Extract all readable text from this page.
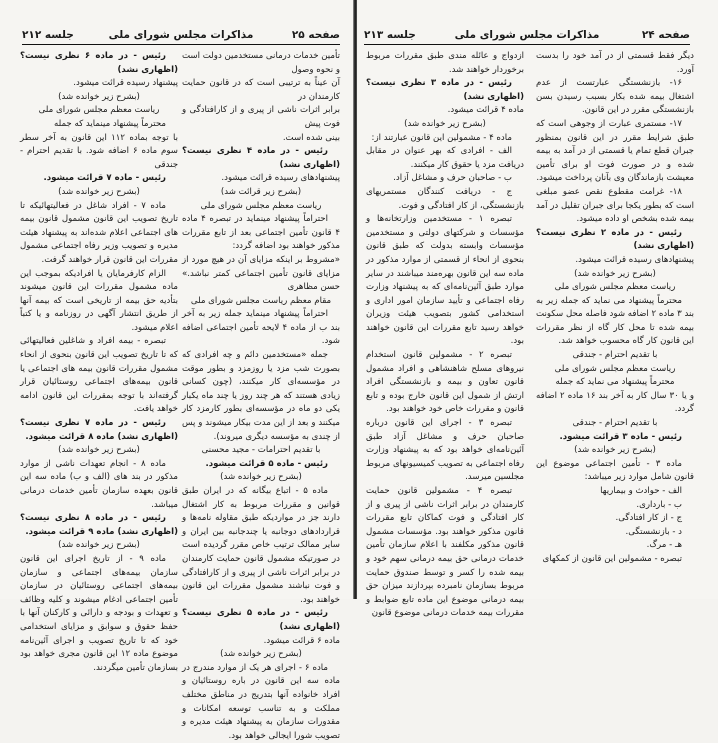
صفحه ۲۵
مذاکرات مجلس شورای ملی
جلسه ۲۱۲

تأمین خدمات درمانی مستخدمین دولت است و نحوه وصول

آن عیناً به ترتیبی است که در قانون حمایت کارمندان در

برابر اثرات ناشی از پیری و از کارافتادگی و فوت پیش

بینی شده است.

رئیس - در ماده ۴ نظری نیست؟ (اظهاری نشد)

پیشنهادهای رسیده قرائت میشود.

(بشرح زیر قرائت شد)

ریاست معظم مجلس شورای ملی

احتراماً پیشنهاد مینماید در تبصره ۴ ماده ۴ قانون تأمین اجتماعی بعد از تابع مقررات مذکور خواهند بود اضافه گردد:

«مشروط بر اینکه مزایای آن در هیچ مورد از مزایای قانون تأمین اجتماعی کمتر نباشد.» حسن مظاهری

مقام معظم ریاست مجلس شورای ملی

احتراماً پیشنهاد مینماید جمله زیر به آخر بند ب از ماده ۴ لایحه تأمین اجتماعی اضافه شود.

جمله «مستخدمین دائم و چه افرادی که بصورت شب مزد یا روزمزد و بطور موقت در مؤسسه‌ای کار میکنند، (چون کسانی زیادی هستند که هر چند روز یا چند ماه یکبار یکی دو ماه در مؤسسه‌ای بطور کارمزد کار میکنند و بعد از این مدت بیکار میشوند و پس از چندی به مؤسسه دیگری میروند).

با تقدیم احترامات - مجید محسنی

رئیس - ماده ۵ قرائت میشود.

(بشرح زیر خوانده شد)

ماده ۵ - اتباع بیگانه که در ایران طبق قوانین و مقررات مربوط به کار اشتغال دارند جز در مواردیکه طبق مقاوله نامه‌ها و قرارداد‌های دوجانبه یا چندجانبه بین ایران و سایر ممالک ترتیب خاص مقرر گردیده است در صورتیکه مشمول قانون حمایت کارمندان در برابر اثرات ناشی از پیری و از کارافتادگی و فوت نباشند مشمول مقررات این قانون خواهند بود.

رئیس - در ماده ۵ نظری نیست؟ (اظهاری نشد)

ماده ۶ قرائت میشود.

(بشرح زیر خوانده شد)

ماده ۶ - اجرای هر یک از موارد مندرج در ماده سه این قانون در باره روستائیان و افراد خانواده آنها بتدریج در مناطق مختلف مملکت و به تناسب توسعه امکانات و مقدورات سازمان به پیشنهاد هیئت مدیره و تصویب شورا ایجالی خواهد بود.

رئیس - در ماده ۶ نظری نیست؟ (اظهاری نشد)

پیشنهاد رسیده قرائت میشود.

(بشرح زیر خوانده شد)

ریاست معظم مجلس شورای ملی

محترماً پیشنهاد مینماید که جمله

با توجه بماده ۱۱۲ این قانون به آخر سطر سوم ماده ۶ اضافه شود. با تقدیم احترام - جندقی

رئیس - ماده ۷ قرائت میشود.

(بشرح زیر خوانده شد)

ماده ۷ - افراد شاغل در فعالیتهائیکه تا تاریخ تصویب این قانون مشمول قانون بیمه های اجتماعی اعلام شده‌اند به پیشنهاد هیئت مدیره و تصویب وزیر رفاه اجتماعی مشمول مقررات این قانون قرار خواهند گرفت.

الزام کارفرمایان یا افرادیکه بموجب این ماده مشمول مقررات این قانون میشوند بتأدیه حق بیمه از تاریخی است که بیمه آنها از طریق انتشار آگهی در روزنامه و یا کتباً اعلام میشود.

تبصره - بیمه افراد و شاغلین فعالیتهائی که تا تاریخ تصویب این قانون بنحوی از انحاء مشمول مقررات قانون بیمه های اجتماعی یا قانون بیمه‌های اجتماعی روستائیان قرار گرفته‌اند با توجه بمقررات این قانون ادامه خواهد یافت.

رئیس - در ماده ۷ نظری نیست؟ (اظهاری نشد) ماده ۸ قرائت میشود.

(بشرح زیر خوانده شد)

ماده ۸ - انجام تعهدات ناشی از موارد مذکور در بند های (الف و ب) ماده سه این قانون بعهده سازمان تأمین خدمات درمانی میباشد.

رئیس - در ماده ۸ نظری نیست؟ (اظهاری نشد) ماده ۹ قرائت میشود.

(بشرح زیر خوانده شد)

ماده ۹ - از تاریخ اجرای این قانون سازمان بیمه‌های اجتماعی و سازمان بیمه‌های اجتماعی روستائیان در سازمان تأمین اجتماعی ادغام میشوند و کلیه وظائف و تعهدات و بودجه و دارائی و کارکنان آنها با حفظ حقوق و سوابق و مزایای استخدامی خود که تا تاریخ تصویب و اجرای آئین‌نامه موضوع ماده ۱۲ این قانون مجری خواهد بود بسازمان تأمین میگردند.

صفحه ۲۴
مذاکرات مجلس شورای ملی
جلسه ۲۱۳

دیگر فقط قسمتی از در آمد خود را بدست آورد.

۱۶- بازنشستگی عبارتست از عدم اشتغال بیمه شده بکار بسبب رسیدن بسن بازنشستگی مقرر در این قانون.

۱۷- مستمری عبارت از وجوهی است که طبق شرایط مقرر در این قانون بمنظور جبران قطع تمام یا قسمتی از در آمد به بیمه شده و در صورت فوت او برای تأمین معیشت بازماندگان وی بآنان پرداخت میشود.

۱۸- غرامت مقطوع نقص عضو مبلغی است که بطور یکجا برای جبران تقلیل در آمد بیمه شده بشخص او داده میشود.

رئیس - در ماده ۲ نظری نیست؟ (اظهاری نشد)

پیشنهادهای رسیده قرائت میشود.

(بشرح زیر خوانده شد)

ریاست معظم مجلس شورای ملی

محترماً پیشنهاد می نماید که جمله زیر به بند ۳ ماده ۲ اضافه شود فاصله محل سکونت بیمه شده تا محل کار گاه از نظر مقررات این قانون کار گاه محسوب خواهد شد.

با تقدیم احترام - جندقی

ریاست معظم مجلس شورای ملی

محترماً پیشنهاد می نماید که جمله

و یا ۳۰ سال کار به آخر بند ۱۶ ماده ۲ اضافه گردد.

با تقدیم احترام - جندقی

رئیس - ماده ۳ قرائت میشود.

(بشرح زیر خوانده شد)

ماده ۳ - تأمین اجتماعی موضوع این قانون شامل موارد زیر میباشد:

الف - حوادث و بیماریها

ب - بارداری.

ج - از کار افتادگی.

د - بازنشستگی.

هـ - مرگ.

تبصره - مشمولین این قانون از کمکهای

ازدواج و عائله مندی طبق مقررات مربوط برخوردار خواهند شد.

رئیس - در ماده ۳ نظری نیست؟ (اظهاری نشد)

ماده ۴ قرائت میشود.

(بشرح زیر خوانده شد)

ماده ۴ - مشمولین این قانون عبارتند از:

الف - افرادی که بهر عنوان در مقابل دریافت مزد یا حقوق کار میکنند.

ب - صاحبان حرف و مشاغل آزاد.

ج - دریافت کنندگان مستمریهای بازنشستگی، از کار افتادگی و فوت.

تبصره ۱ - مستخدمین وزارتخانه‌ها و مؤسسات و شرکتهای دولتی و مستخدمین مؤسسات وابسته بدولت که طبق قانون بنحوی از انحاء از قسمتی از موارد مذکور در ماده سه این قانون بهره‌مند میباشند در سایر موارد طبق آئین‌نامه‌ای که به پیشنهاد وزارت رفاه اجتماعی و تأیید سازمان امور اداری و استخدامی کشور بتصویب هیئت وزیران خواهد رسید تابع مقررات این قانون خواهند بود.

تبصره ۲ - مشمولین قانون استخدام نیروهای مسلح شاهنشاهی و افراد مشمول قانون تعاون و بیمه و بازنشستگی افراد ارتش از شمول این قانون خارج بوده و تابع قانون و مقررات خاص خود خواهند بود.

تبصره ۳ - اجرای این قانون درباره صاحبان حرف و مشاغل آزاد طبق آئین‌نامه‌ای خواهد بود که به پیشنهاد وزارت رفاه اجتماعی به تصویب کمیسیونهای مربوط مجلسین میرسد.

تبصره ۴ - مشمولین قانون حمایت کارمندان در برابر اثرات ناشی از پیری و از کار افتادگی و فوت کماکان تابع مقررات قانون مذکور خواهند بود. مؤسسات مشمول قانون مذکور مکلفند با اعلام سازمان تأمین خدمات درمانی حق بیمه درمانی سهم خود و بیمه شده را کسر و توسط صندوق حمایت مربوط بسازمان نامبرده بپردازند میزان حق بیمه درمانی موضوع این ماده تابع ضوابط و مقررات بیمه خدمات درمانی موضوع قانون
